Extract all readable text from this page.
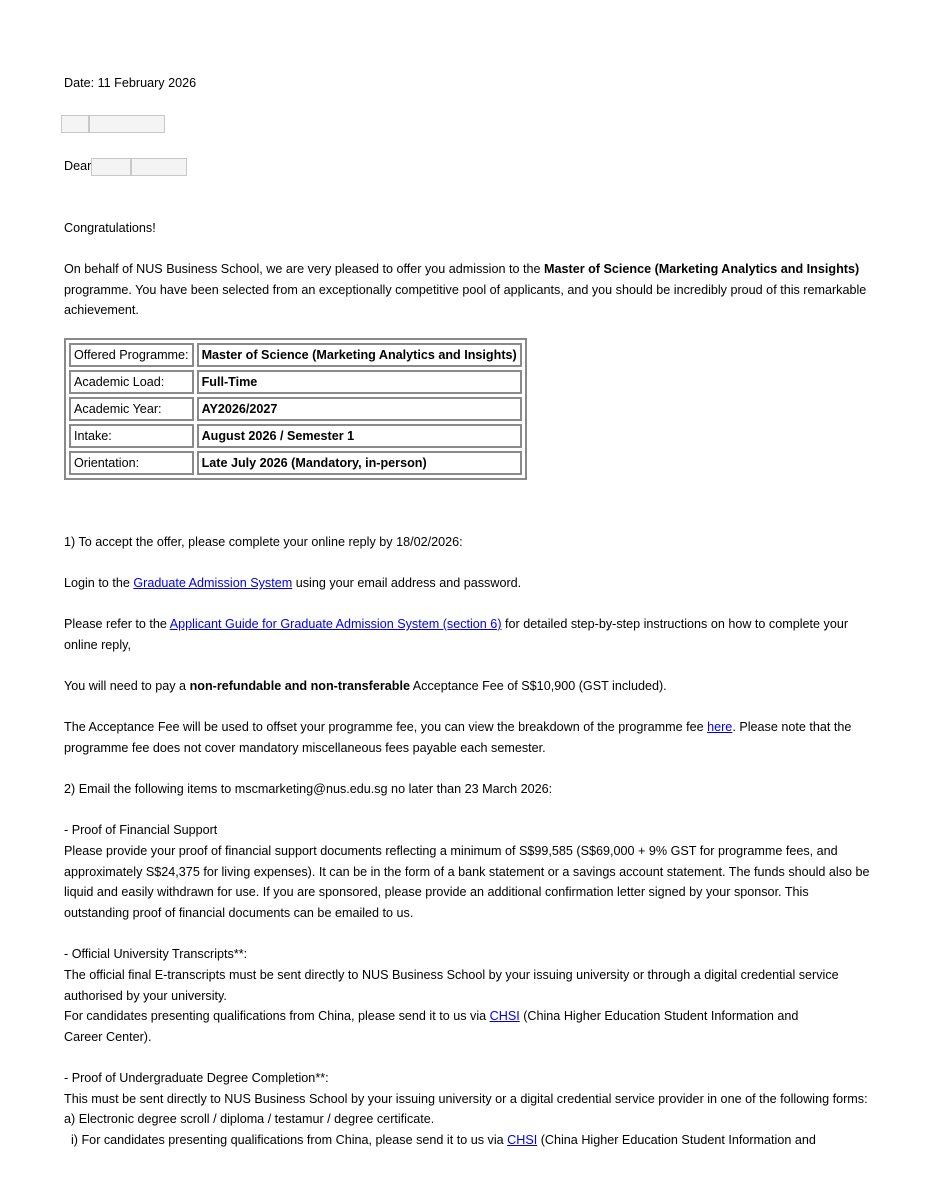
Date: 11 February 2026

Dear

Congratulations!

On behalf of NUS Business School, we are very pleased to offer you admission to the Master of Science (Marketing Analytics and Insights) programme. You have been selected from an exceptionally competitive pool of applicants, and you should be incredibly proud of this remarkable achievement.

Offered Programme:	Master of Science (Marketing Analytics and Insights)
Academic Load:	Full-Time
Academic Year:	AY2026/2027
Intake:	August 2026 / Semester 1
Orientation:	Late July 2026 (Mandatory, in-person)

1) To accept the offer, please complete your online reply by 18/02/2026:

Login to the Graduate Admission System using your email address and password.

Please refer to the Applicant Guide for Graduate Admission System (section 6) for detailed step-by-step instructions on how to complete your online reply,

You will need to pay a non-refundable and non-transferable Acceptance Fee of S$10,900 (GST included).

The Acceptance Fee will be used to offset your programme fee, you can view the breakdown of the programme fee here. Please note that the programme fee does not cover mandatory miscellaneous fees payable each semester.

2) Email the following items to mscmarketing@nus.edu.sg no later than 23 March 2026:

- Proof of Financial Support

Please provide your proof of financial support documents reflecting a minimum of S$99,585 (S$69,000 + 9% GST for programme fees, and approximately S$24,375 for living expenses). It can be in the form of a bank statement or a savings account statement. The funds should also be liquid and easily withdrawn for use. If you are sponsored, please provide an additional confirmation letter signed by your sponsor. This outstanding proof of financial documents can be emailed to us.

- Official University Transcripts**:

The official final E-transcripts must be sent directly to NUS Business School by your issuing university or through a digital credential service authorised by your university.

For candidates presenting qualifications from China, please send it to us via CHSI (China Higher Education Student Information and

Career Center).

- Proof of Undergraduate Degree Completion**:

This must be sent directly to NUS Business School by your issuing university or a digital credential service provider in one of the following forms:

a) Electronic degree scroll / diploma / testamur / degree certificate.

i) For candidates presenting qualifications from China, please send it to us via CHSI (China Higher Education Student Information and
